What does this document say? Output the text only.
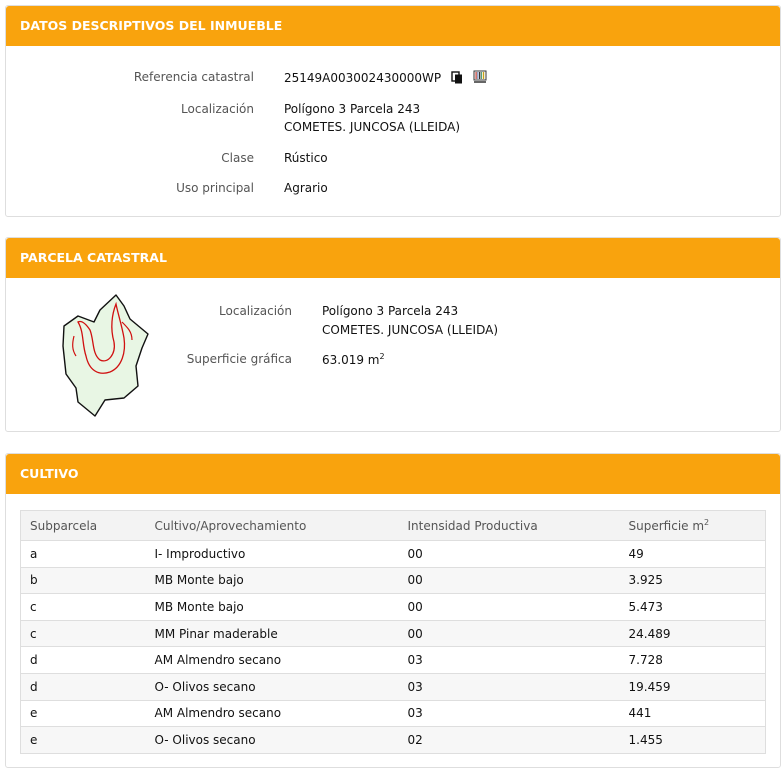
DATOS DESCRIPTIVOS DEL INMUEBLE
Referencia catastral	25149A003002430000WP
Localización	Polígono 3 Parcela 243
COMETES. JUNCOSA (LLEIDA)
Clase	Rústico
Uso principal	Agrario
PARCELA CATASTRAL
Localización	Polígono 3 Parcela 243
COMETES. JUNCOSA (LLEIDA)
Superficie gráfica	63.019 $m^2$
CULTIVO
Subparcela	Cultivo/Aprovechamiento	Intensidad Productiva	Superficie $m^2$
a	I- Improductivo	00	49
b	MB Monte bajo	00	3.925
c	MB Monte bajo	00	5.473
c	MM Pinar maderable	00	24.489
d	AM Almendro secano	03	7.728
d	O- Olivos secano	03	19.459
e	AM Almendro secano	03	441
e	O- Olivos secano	02	1.455
